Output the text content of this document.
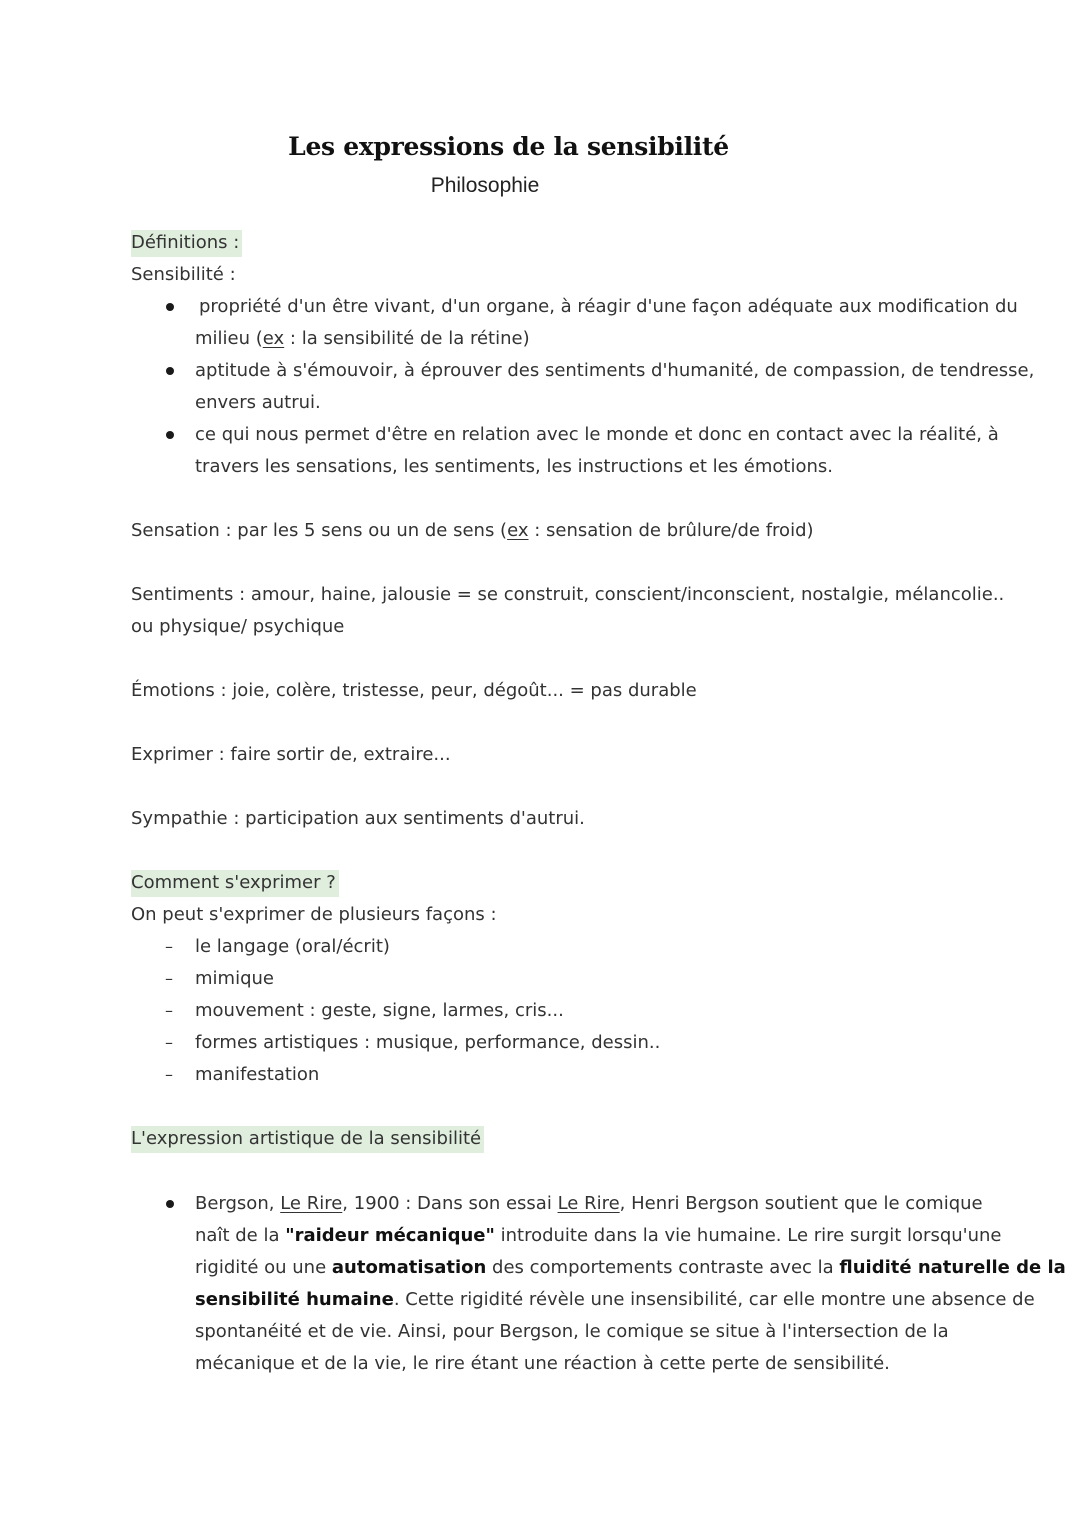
Les expressions de la sensibilité
Philosophie
Définitions :
Sensibilité :
propriété d'un être vivant, d'un organe, à réagir d'une façon adéquate aux modification du
milieu (ex : la sensibilité de la rétine)
aptitude à s'émouvoir, à éprouver des sentiments d'humanité, de compassion, de tendresse,
envers autrui.
ce qui nous permet d'être en relation avec le monde et donc en contact avec la réalité, à
travers les sensations, les sentiments, les instructions et les émotions.
Sensation : par les 5 sens ou un de sens (ex : sensation de brûlure/de froid)
Sentiments : amour, haine, jalousie = se construit, conscient/inconscient, nostalgie, mélancolie..
ou physique/ psychique
Émotions : joie, colère, tristesse, peur, dégoût... = pas durable
Exprimer : faire sortir de, extraire...
Sympathie : participation aux sentiments d'autrui.
Comment s'exprimer ?
On peut s'exprimer de plusieurs façons :
– le langage (oral/écrit)
– mimique
– mouvement : geste, signe, larmes, cris...
– formes artistiques : musique, performance, dessin..
– manifestation
L'expression artistique de la sensibilité
Bergson, Le Rire, 1900 : Dans son essai Le Rire, Henri Bergson soutient que le comique
naît de la "raideur mécanique" introduite dans la vie humaine. Le rire surgit lorsqu'une
rigidité ou une automatisation des comportements contraste avec la fluidité naturelle de la
sensibilité humaine. Cette rigidité révèle une insensibilité, car elle montre une absence de
spontanéité et de vie. Ainsi, pour Bergson, le comique se situe à l'intersection de la
mécanique et de la vie, le rire étant une réaction à cette perte de sensibilité.
